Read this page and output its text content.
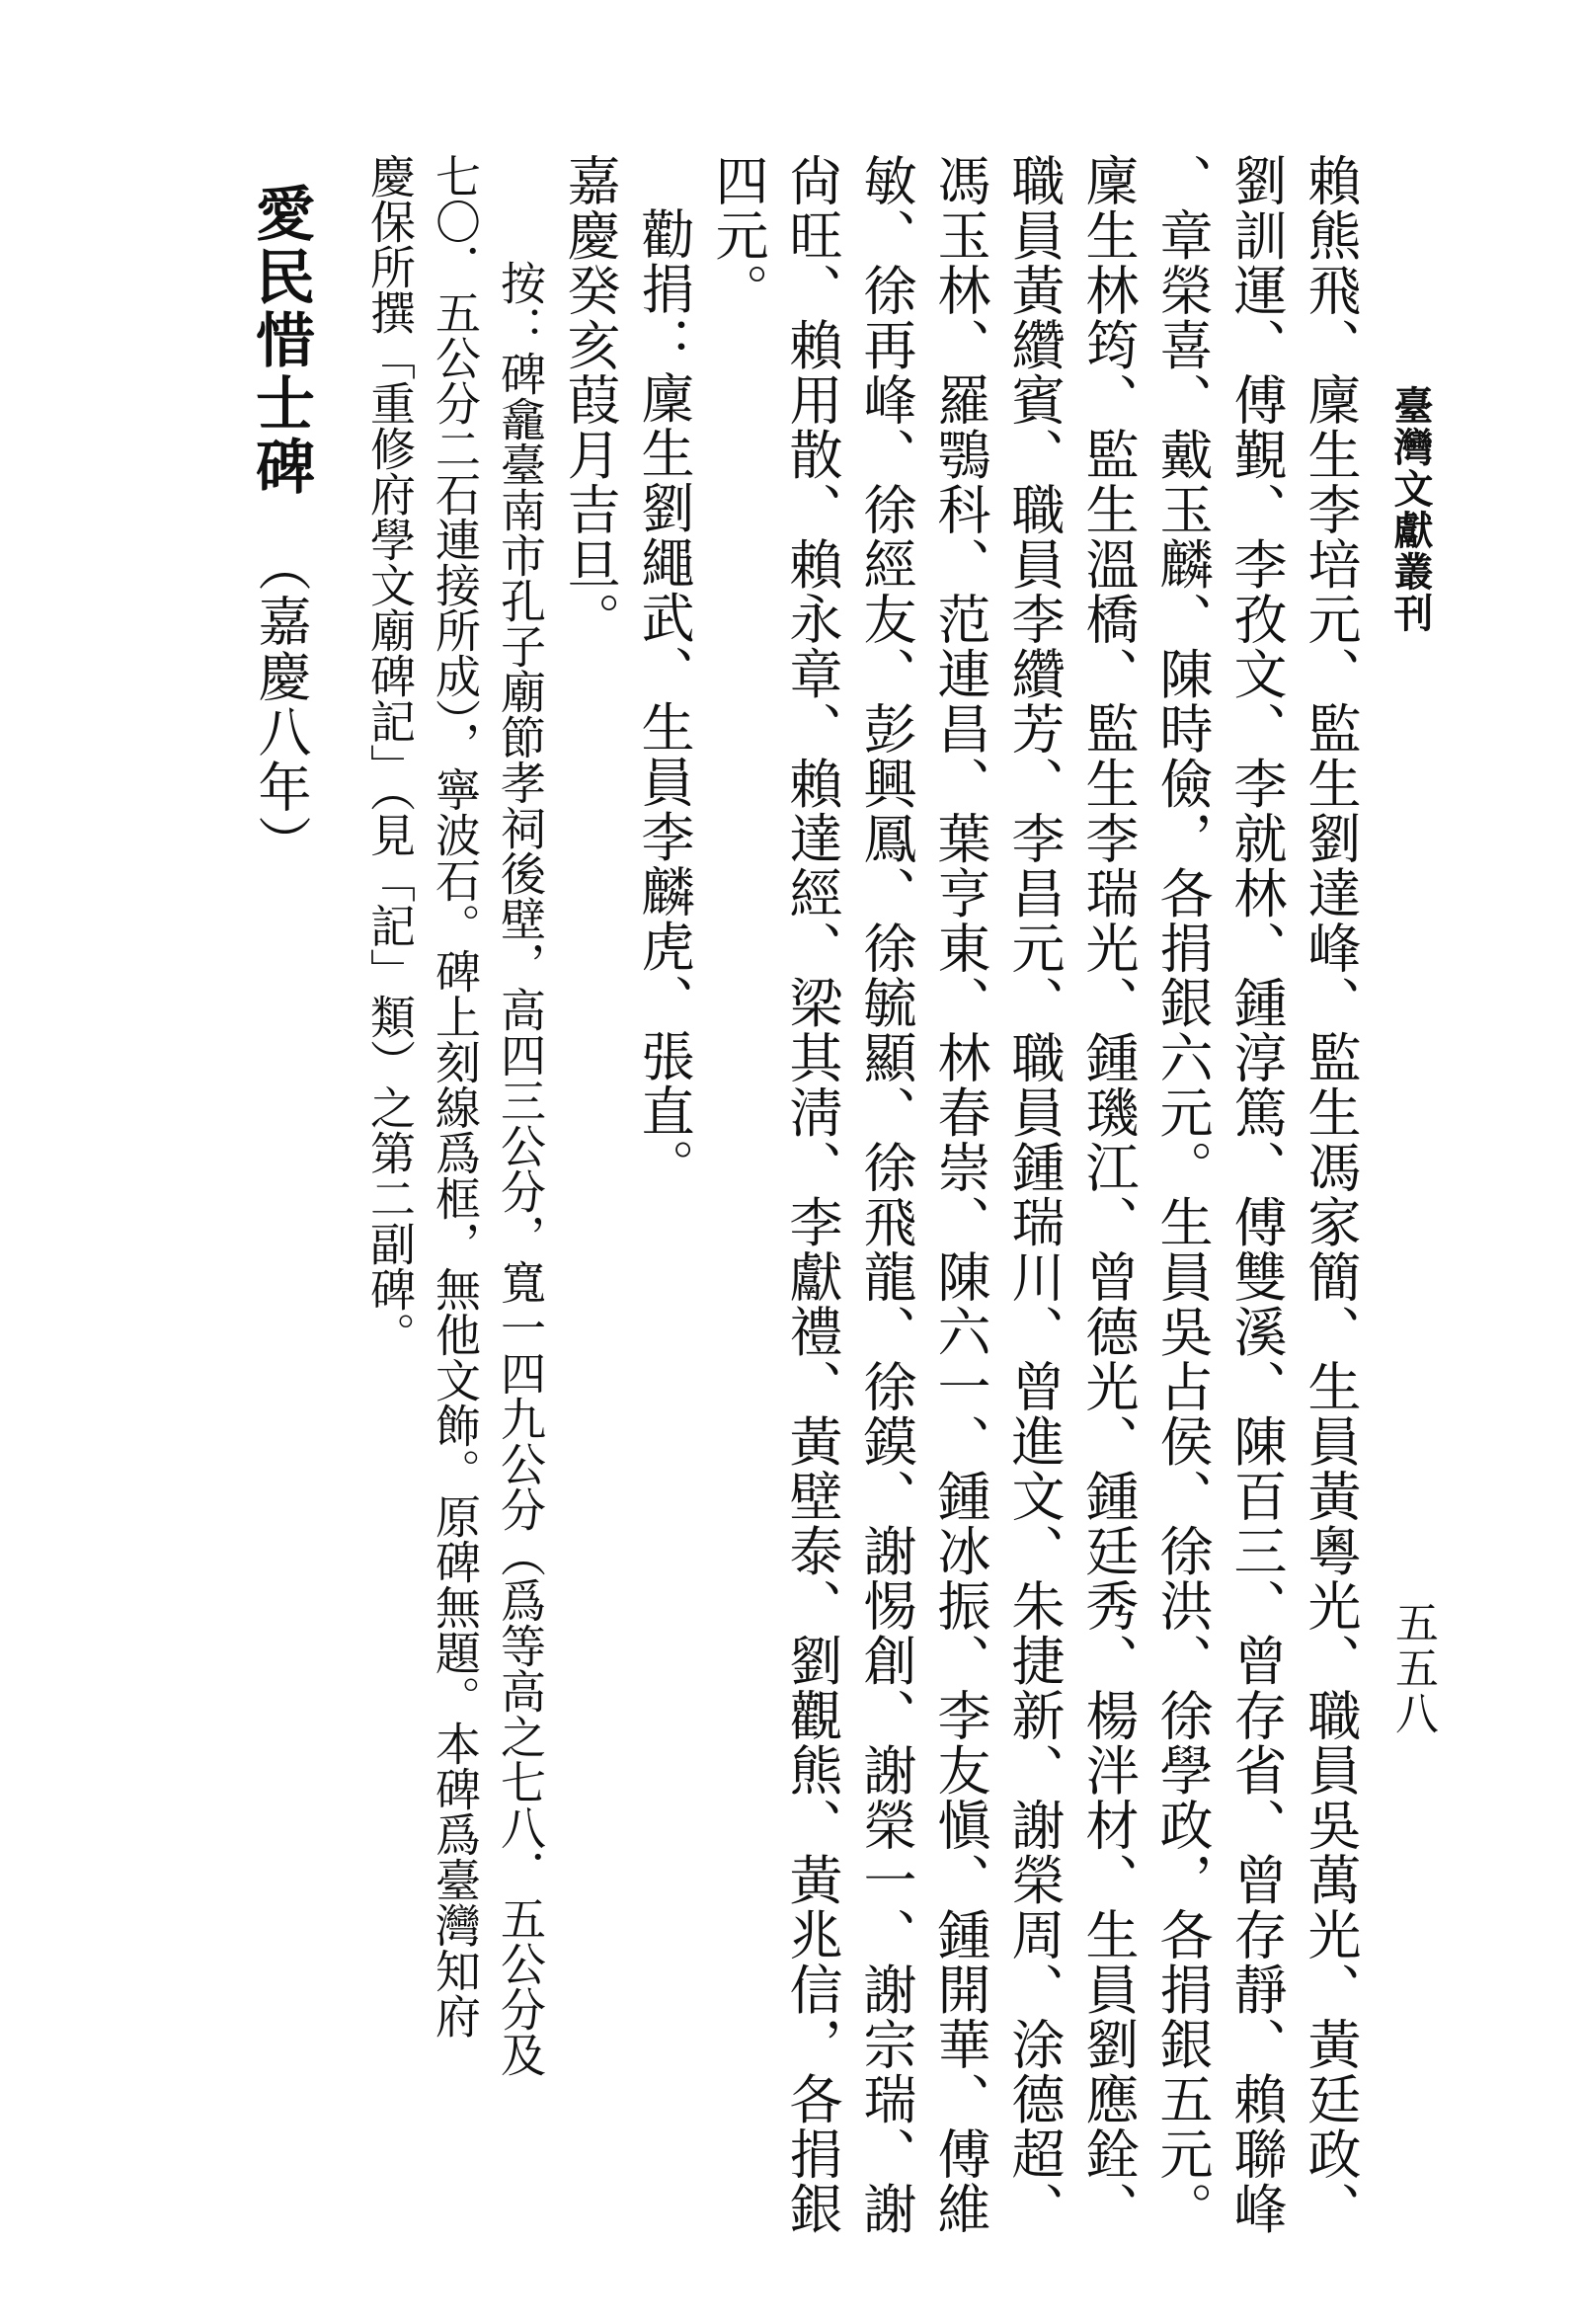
臺灣文獻叢刊
五五八
賴熊飛、廩生李培元、監生劉達峰、監生馮家簡、生員黃粵光、職員吳萬光、黃廷政、
劉訓運、傅覲、李孜文、李就林、鍾淳篤、傅雙溪、陳百三、曾存省、曾存靜、賴聯峰
、章榮喜、戴玉麟、陳時儉，各捐銀六元。生員吳占侯、徐洪、徐學政，各捐銀五元。
廩生林筠、監生溫橋、監生李瑞光、鍾璣江、曾德光、鍾廷秀、楊泮材、生員劉應銓、
職員黃纘賓、職員李纘芳、李昌元、職員鍾瑞川、曾進文、朱捷新、謝榮周、涂德超、
馮玉林、羅鶚科、范連昌、葉亨東、林春崇、陳六一、鍾冰振、李友愼、鍾開華、傅維
敏、徐再峰、徐經友、彭興鳳、徐毓顯、徐飛龍、徐鏌、謝惕創、謝榮一、謝宗瑞、謝
尙旺、賴用散、賴永章、賴達經、梁其淸、李獻禮、黃壁泰、劉觀熊、黃兆信，各捐銀
四元。
勸捐：廩生劉繩武、生員李麟虎、張直。
嘉慶癸亥葭月吉旦。
按：碑龕臺南市孔子廟節孝祠後壁，高四三公分，寬一四九公分（爲等高之七八．五公分及
七〇．五公分二石連接所成），寧波石。碑上刻線爲框，無他文飾。原碑無題。本碑爲臺灣知府
慶保所撰「重修府學文廟碑記」（見「記」類）之第二副碑。
愛民惜士碑（嘉慶八年）
